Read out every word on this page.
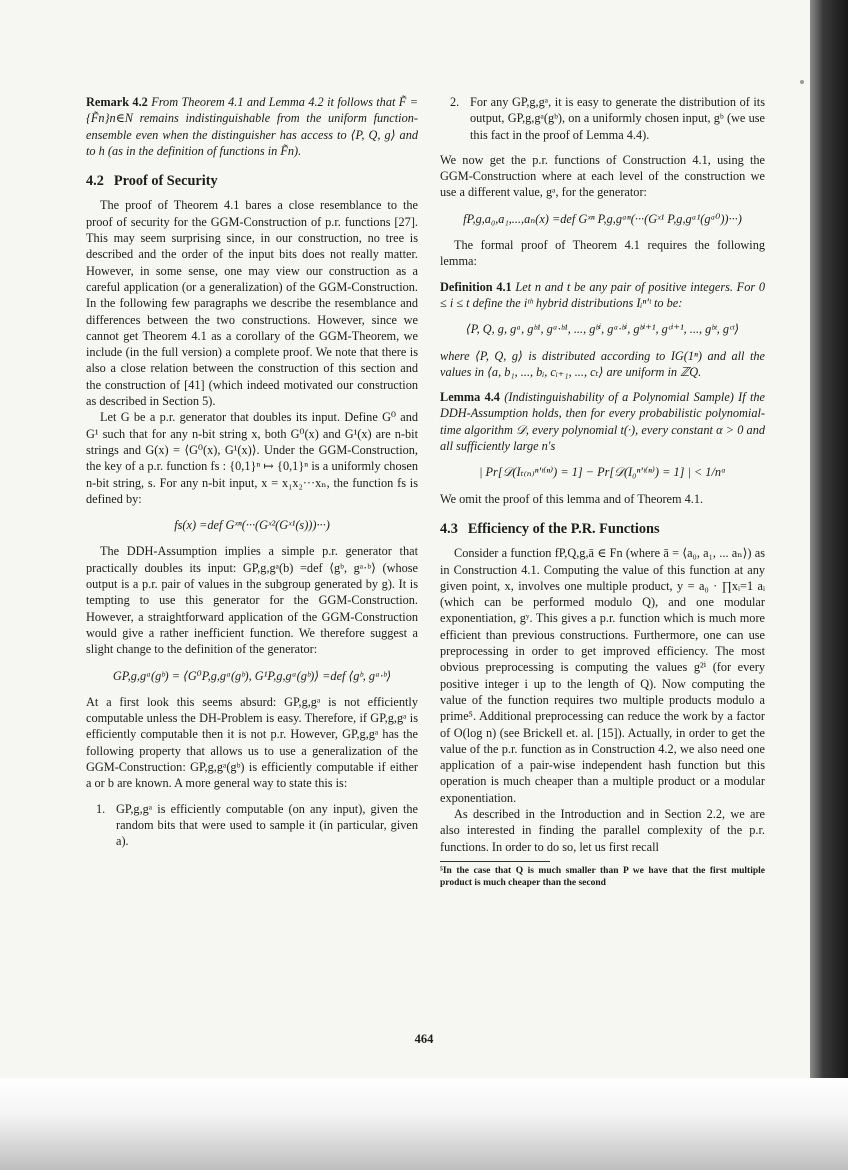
Remark 4.2 From Theorem 4.1 and Lemma 4.2 it follows that F̃ = {F̃n}n∈N remains indistinguishable from the uniform function-ensemble even when the distinguisher has access to ⟨P, Q, g⟩ and to h (as in the definition of functions in F̃n).

4.2 Proof of Security

The proof of Theorem 4.1 bares a close resemblance to the proof of security for the GGM-Construction of p.r. functions [27]. This may seem surprising since, in our construction, no tree is described and the order of the input bits does not really matter. However, in some sense, one may view our construction as a careful application (or a generalization) of the GGM-Construction. In the following few paragraphs we describe the resemblance and differences between the two constructions. However, since we cannot get Theorem 4.1 as a corollary of the GGM-Theorem, we include (in the full version) a complete proof. We note that there is also a close relation between the construction of this section and the construction of [41] (which indeed motivated our construction as described in Section 5).

Let G be a p.r. generator that doubles its input. Define G⁰ and G¹ such that for any n-bit string x, both G⁰(x) and G¹(x) are n-bit strings and G(x) = ⟨G⁰(x), G¹(x)⟩. Under the GGM-Construction, the key of a p.r. function fs : {0,1}ⁿ ↦ {0,1}ⁿ is a uniformly chosen n-bit string, s. For any n-bit input, x = x₁x₂···xₙ, the function fs is defined by:

fs(x) =def Gˣⁿ(···(Gˣ²(Gˣ¹(s)))···)

The DDH-Assumption implies a simple p.r. generator that practically doubles its input: GP,g,gᵃ(b) =def ⟨gᵇ, gᵃ·ᵇ⟩ (whose output is a p.r. pair of values in the subgroup generated by g). It is tempting to use this generator for the GGM-Construction. However, a straightforward application of the GGM-Construction would give a rather inefficient function. We therefore suggest a slight change to the definition of the generator:

GP,g,gᵃ(gᵇ) = ⟨G⁰P,g,gᵃ(gᵇ), G¹P,g,gᵃ(gᵇ)⟩ =def ⟨gᵇ, gᵃ·ᵇ⟩

At a first look this seems absurd: GP,g,gᵃ is not efficiently computable unless the DH-Problem is easy. Therefore, if GP,g,gᵃ is efficiently computable then it is not p.r. However, GP,g,gᵃ has the following property that allows us to use a generalization of the GGM-Construction: GP,g,gᵃ(gᵇ) is efficiently computable if either a or b are known. A more general way to state this is:

1. GP,g,gᵃ is efficiently computable (on any input), given the random bits that were used to sample it (in particular, given a).
2. For any GP,g,gᵃ, it is easy to generate the distribution of its output, GP,g,gᵃ(gᵇ), on a uniformly chosen input, gᵇ (we use this fact in the proof of Lemma 4.4).

We now get the p.r. functions of Construction 4.1, using the GGM-Construction where at each level of the construction we use a different value, gᵃ, for the generator:

fP,g,a₀,a₁,...,aₙ(x) =def Gˣⁿ P,g,gᵃⁿ(···(Gˣ¹ P,g,gᵃ¹(gᵃ⁰))···)

The formal proof of Theorem 4.1 requires the following lemma:

Definition 4.1 Let n and t be any pair of positive integers. For 0 ≤ i ≤ t define the iᵗʰ hybrid distributions Iᵢⁿ'ᵗ to be:

⟨P, Q, g, gᵃ, gᵇ¹, gᵃ·ᵇ¹, ..., gᵇⁱ, gᵃ·ᵇⁱ, gᵇⁱ⁺¹, gᶜⁱ⁺¹, ..., gᵇᵗ, gᶜᵗ⟩

where ⟨P, Q, g⟩ is distributed according to IG(1ⁿ) and all the values in ⟨a, b₁, ..., bᵢ, cᵢ₊₁, ..., cₜ⟩ are uniform in ℤQ.

Lemma 4.4 (Indistinguishability of a Polynomial Sample) If the DDH-Assumption holds, then for every probabilistic polynomial-time algorithm 𝒟, every polynomial t(·), every constant α > 0 and all sufficiently large n's

| Pr[𝒟(Iₜ₍ₙ₎ⁿ'ᵗ⁽ⁿ⁾) = 1] − Pr[𝒟(I₀ⁿ'ᵗ⁽ⁿ⁾) = 1] | < 1/nᵅ

We omit the proof of this lemma and of Theorem 4.1.

4.3 Efficiency of the P.R. Functions

Consider a function fP,Q,g,ā ∈ Fn (where ā = ⟨a₀, a₁, ... aₙ⟩) as in Construction 4.1. Computing the value of this function at any given point, x, involves one multiple product, y = a₀ · ∏xᵢ=1 aᵢ (which can be performed modulo Q), and one modular exponentiation, gʸ. This gives a p.r. function which is much more efficient than previous constructions. Furthermore, one can use preprocessing in order to get improved efficiency. The most obvious preprocessing is computing the values g²ⁱ (for every positive integer i up to the length of Q). Now computing the value of the function requires two multiple products modulo a prime⁵. Additional preprocessing can reduce the work by a factor of O(log n) (see Brickell et. al. [15]). Actually, in order to get the value of the p.r. function as in Construction 4.2, we also need one application of a pair-wise independent hash function but this operation is much cheaper than a multiple product or a modular exponentiation.

As described in the Introduction and in Section 2.2, we are also interested in finding the parallel complexity of the p.r. functions. In order to do so, let us first recall

⁵In the case that Q is much smaller than P we have that the first multiple product is much cheaper than the second

464
